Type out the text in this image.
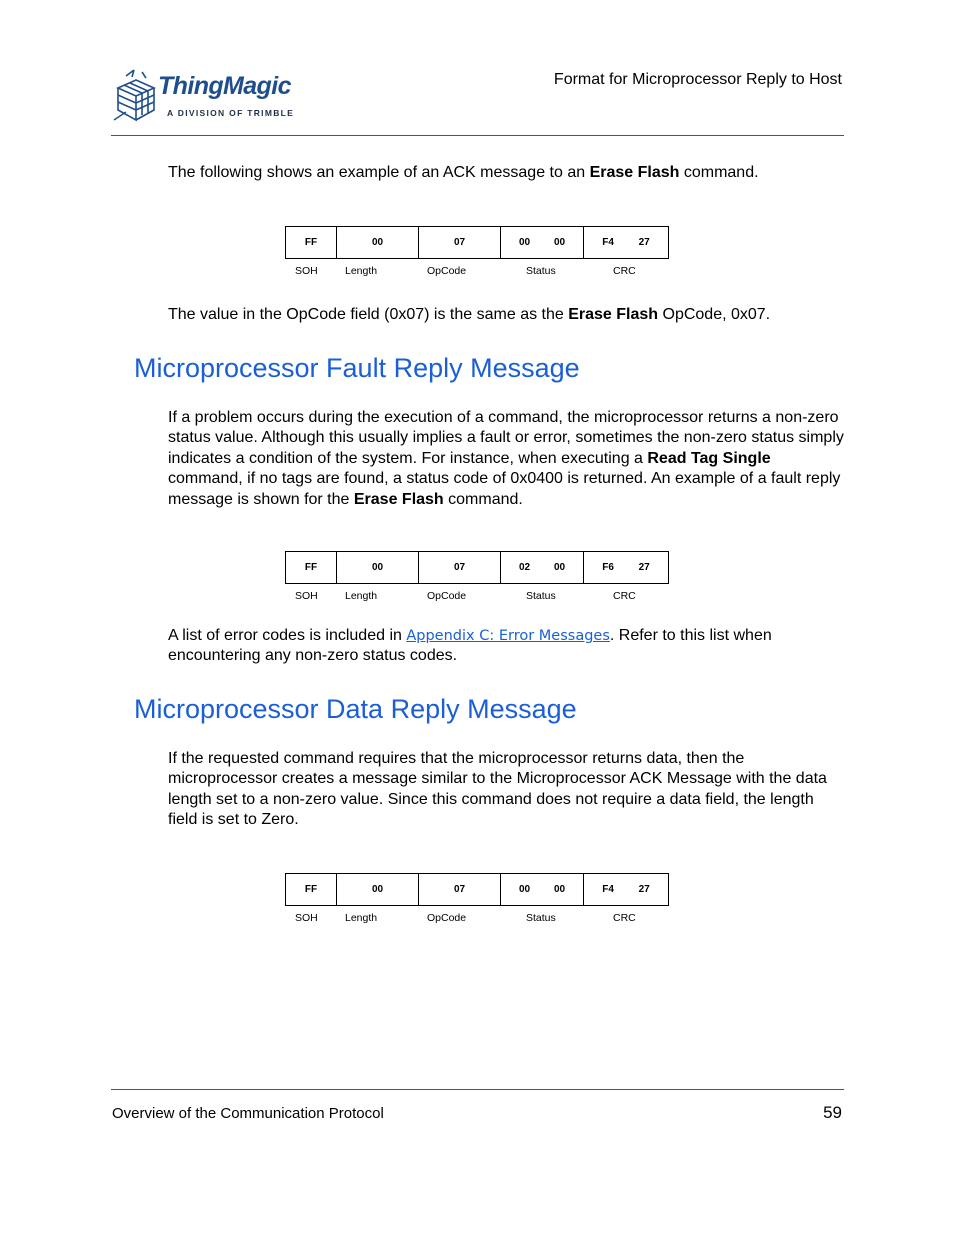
ThingMagic
A DIVISION OF TRIMBLE
Format for Microprocessor Reply to Host
The following shows an example of an ACK message to an Erase Flash command.
FF	00	07	00 00	F4 27
SOH	Length	OpCode	Status	CRC
The value in the OpCode field (0x07) is the same as the Erase Flash OpCode, 0x07.
Microprocessor Fault Reply Message
If a problem occurs during the execution of a command, the microprocessor returns a non-zero status value. Although this usually implies a fault or error, sometimes the non-zero status simply indicates a condition of the system. For instance, when executing a Read Tag Single command, if no tags are found, a status code of 0x0400 is returned. An example of a fault reply message is shown for the Erase Flash command.
FF	00	07	02 00	F6 27
SOH	Length	OpCode	Status	CRC
A list of error codes is included in Appendix C: Error Messages. Refer to this list when encountering any non-zero status codes.
Microprocessor Data Reply Message
If the requested command requires that the microprocessor returns data, then the microprocessor creates a message similar to the Microprocessor ACK Message with the data length set to a non-zero value. Since this command does not require a data field, the length field is set to Zero.
FF	00	07	00 00	F4 27
SOH	Length	OpCode	Status	CRC
Overview of the Communication Protocol	59
